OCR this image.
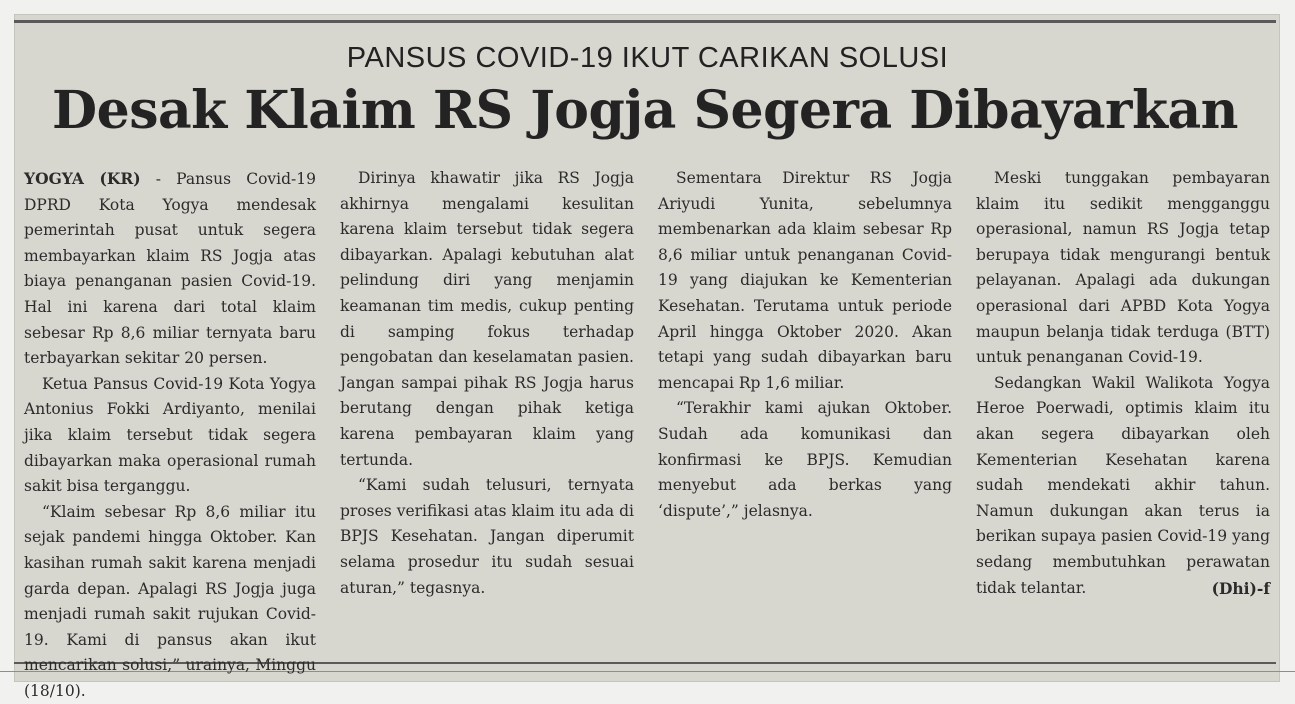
PANSUS COVID-19 IKUT CARIKAN SOLUSI
Desak Klaim RS Jogja Segera Dibayarkan

YOGYA (KR) - Pansus Covid-19 DPRD Kota Yogya mendesak pemerintah pusat untuk segera membayarkan klaim RS Jogja atas biaya penanganan pasien Covid-19. Hal ini karena dari total klaim sebesar Rp 8,6 miliar ternyata baru terbayarkan sekitar 20 persen.

Ketua Pansus Covid-19 Kota Yogya Antonius Fokki Ardiyanto, menilai jika klaim tersebut tidak segera dibayarkan maka operasional rumah sakit bisa terganggu.

“Klaim sebesar Rp 8,6 miliar itu sejak pandemi hingga Oktober. Kan kasihan rumah sakit karena menjadi garda depan. Apalagi RS Jogja juga menjadi rumah sakit rujukan Covid-19. Kami di pansus akan ikut mencarikan solusi,” urainya, Minggu (18/10).

Dirinya khawatir jika RS Jogja akhirnya mengalami kesulitan karena klaim tersebut tidak segera dibayarkan. Apalagi kebutuhan alat pelindung diri yang menjamin keamanan tim medis, cukup penting di samping fokus terhadap pengobatan dan keselamatan pasien. Jangan sampai pihak RS Jogja harus berutang dengan pihak ketiga karena pembayaran klaim yang tertunda.

“Kami sudah telusuri, ternyata proses verifikasi atas klaim itu ada di BPJS Kesehatan. Jangan diperumit selama prosedur itu sudah sesuai aturan,” tegasnya.

Sementara Direktur RS Jogja Ariyudi Yunita, sebelumnya membenarkan ada klaim sebesar Rp 8,6 miliar untuk penanganan Covid-19 yang diajukan ke Kementerian Kesehatan. Terutama untuk periode April hingga Oktober 2020. Akan tetapi yang sudah dibayarkan baru mencapai Rp 1,6 miliar.

“Terakhir kami ajukan Oktober. Sudah ada komunikasi dan konfirmasi ke BPJS. Kemudian menyebut ada berkas yang ‘dispute’,” jelasnya.

Meski tunggakan pembayaran klaim itu sedikit mengganggu operasional, namun RS Jogja tetap berupaya tidak mengurangi bentuk pelayanan. Apalagi ada dukungan operasional dari APBD Kota Yogya maupun belanja tidak terduga (BTT) untuk penanganan Covid-19.

Sedangkan Wakil Walikota Yogya Heroe Poerwadi, optimis klaim itu akan segera dibayarkan oleh Kementerian Kesehatan karena sudah mendekati akhir tahun. Namun dukungan akan terus ia berikan supaya pasien Covid-19 yang sedang membutuhkan perawatan tidak telantar.	(Dhi)-f
